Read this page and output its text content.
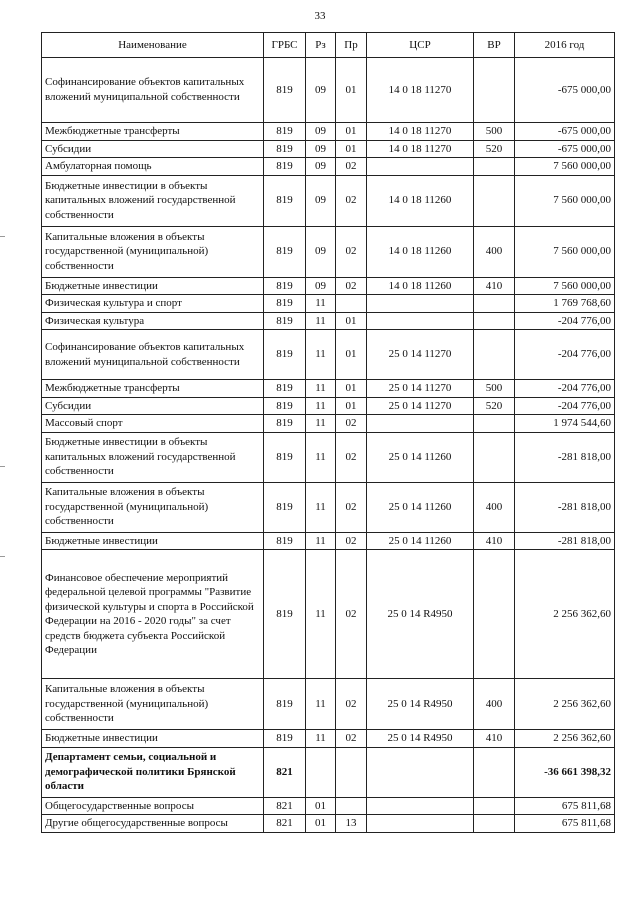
33
Наименование	ГРБС	Рз	Пр	ЦСР	ВР	2016 год
Софинансирование объектов капитальных вложений муниципальной собственности	819	09	01	14 0 18 11270		-675 000,00
Межбюджетные трансферты	819	09	01	14 0 18 11270	500	-675 000,00
Субсидии	819	09	01	14 0 18 11270	520	-675 000,00
Амбулаторная помощь	819	09	02			7 560 000,00
Бюджетные инвестиции в объекты капитальных вложений государственной собственности	819	09	02	14 0 18 11260		7 560 000,00
Капитальные вложения в объекты государственной (муниципальной) собственности	819	09	02	14 0 18 11260	400	7 560 000,00
Бюджетные инвестиции	819	09	02	14 0 18 11260	410	7 560 000,00
Физическая культура и спорт	819	11				1 769 768,60
Физическая культура	819	11	01			-204 776,00
Софинансирование объектов капитальных вложений муниципальной собственности	819	11	01	25 0 14 11270		-204 776,00
Межбюджетные трансферты	819	11	01	25 0 14 11270	500	-204 776,00
Субсидии	819	11	01	25 0 14 11270	520	-204 776,00
Массовый спорт	819	11	02			1 974 544,60
Бюджетные инвестиции в объекты капитальных вложений государственной собственности	819	11	02	25 0 14 11260		-281 818,00
Капитальные вложения в объекты государственной (муниципальной) собственности	819	11	02	25 0 14 11260	400	-281 818,00
Бюджетные инвестиции	819	11	02	25 0 14 11260	410	-281 818,00
Финансовое обеспечение мероприятий федеральной целевой программы "Развитие физической культуры и спорта в Российской Федерации на 2016 - 2020 годы" за счет средств бюджета субъекта Российской Федерации	819	11	02	25 0 14 R4950		2 256 362,60
Капитальные вложения в объекты государственной (муниципальной) собственности	819	11	02	25 0 14 R4950	400	2 256 362,60
Бюджетные инвестиции	819	11	02	25 0 14 R4950	410	2 256 362,60
Департамент семьи, социальной и демографической политики Брянской области	821					-36 661 398,32
Общегосударственные вопросы	821	01				675 811,68
Другие общегосударственные вопросы	821	01	13			675 811,68
